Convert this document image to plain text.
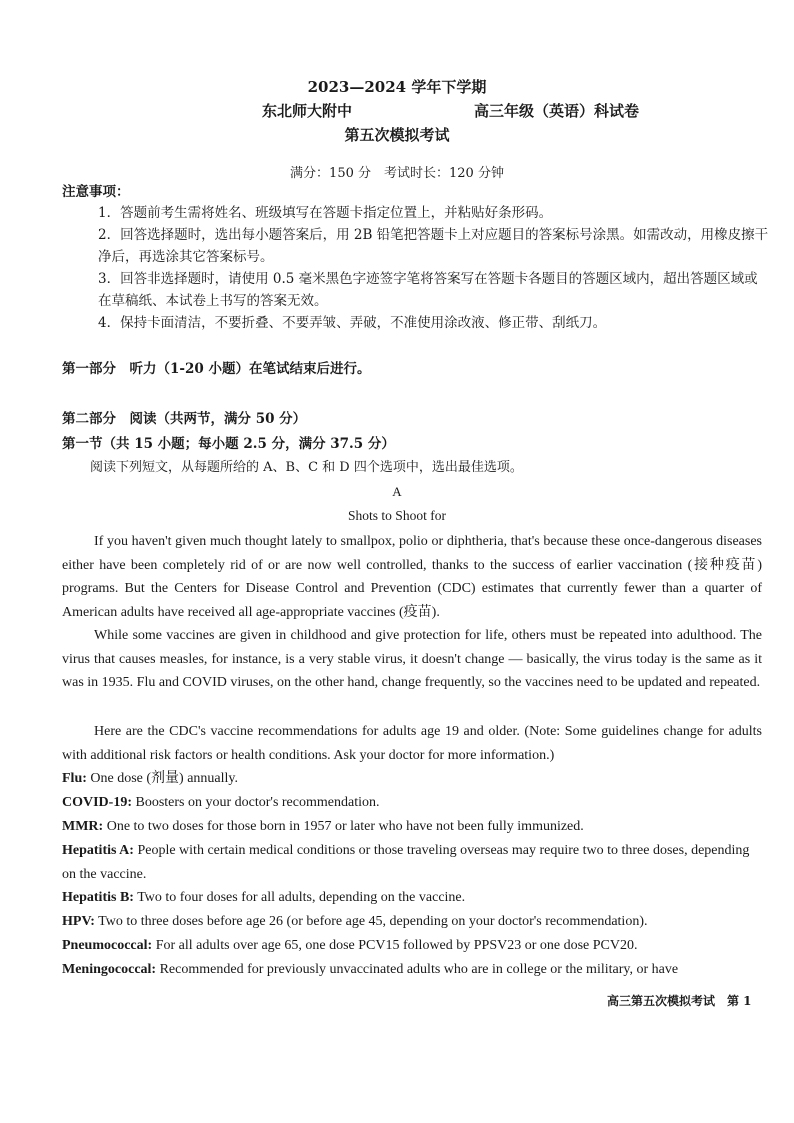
2023—2024 学年下学期
东北师大附中	高三年级（英语）科试卷
第五次模拟考试
满分：150 分　考试时长：120 分钟
注意事项：
1．答题前考生需将姓名、班级填写在答题卡指定位置上，并粘贴好条形码。
2．回答选择题时，选出每小题答案后，用 2B 铅笔把答题卡上对应题目的答案标号涂黑。如需改动，用橡皮擦干净后，再选涂其它答案标号。
3．回答非选择题时，请使用 0.5 毫米黑色字迹签字笔将答案写在答题卡各题目的答题区域内，超出答题区域或在草稿纸、本试卷上书写的答案无效。
4．保持卡面清洁，不要折叠、不要弄皱、弄破，不准使用涂改液、修正带、刮纸刀。
第一部分　听力（1-20 小题）在笔试结束后进行。
第二部分　阅读（共两节，满分 50 分）
第一节（共 15 小题；每小题 2.5 分，满分 37.5 分）
阅读下列短文，从每题所给的 A、B、C 和 D 四个选项中，选出最佳选项。
A
Shots to Shoot for
If you haven't given much thought lately to smallpox, polio or diphtheria, that's because these once-dangerous diseases either have been completely rid of or are now well controlled, thanks to the success of earlier vaccination (接种疫苗) programs. But the Centers for Disease Control and Prevention (CDC) estimates that currently fewer than a quarter of American adults have received all age-appropriate vaccines (疫苗).
While some vaccines are given in childhood and give protection for life, others must be repeated into adulthood. The virus that causes measles, for instance, is a very stable virus, it doesn't change — basically, the virus today is the same as it was in 1935. Flu and COVID viruses, on the other hand, change frequently, so the vaccines need to be updated and repeated.
Here are the CDC's vaccine recommendations for adults age 19 and older. (Note: Some guidelines change for adults with additional risk factors or health conditions. Ask your doctor for more information.)
Flu: One dose (剂量) annually.
COVID-19: Boosters on your doctor's recommendation.
MMR: One to two doses for those born in 1957 or later who have not been fully immunized.
Hepatitis A: People with certain medical conditions or those traveling overseas may require two to three doses, depending on the vaccine.
Hepatitis B: Two to four doses for all adults, depending on the vaccine.
HPV: Two to three doses before age 26 (or before age 45, depending on your doctor's recommendation).
Pneumococcal: For all adults over age 65, one dose PCV15 followed by PPSV23 or one dose PCV20.
Meningococcal: Recommended for previously unvaccinated adults who are in college or the military, or have
高三第五次模拟考试　第 1
